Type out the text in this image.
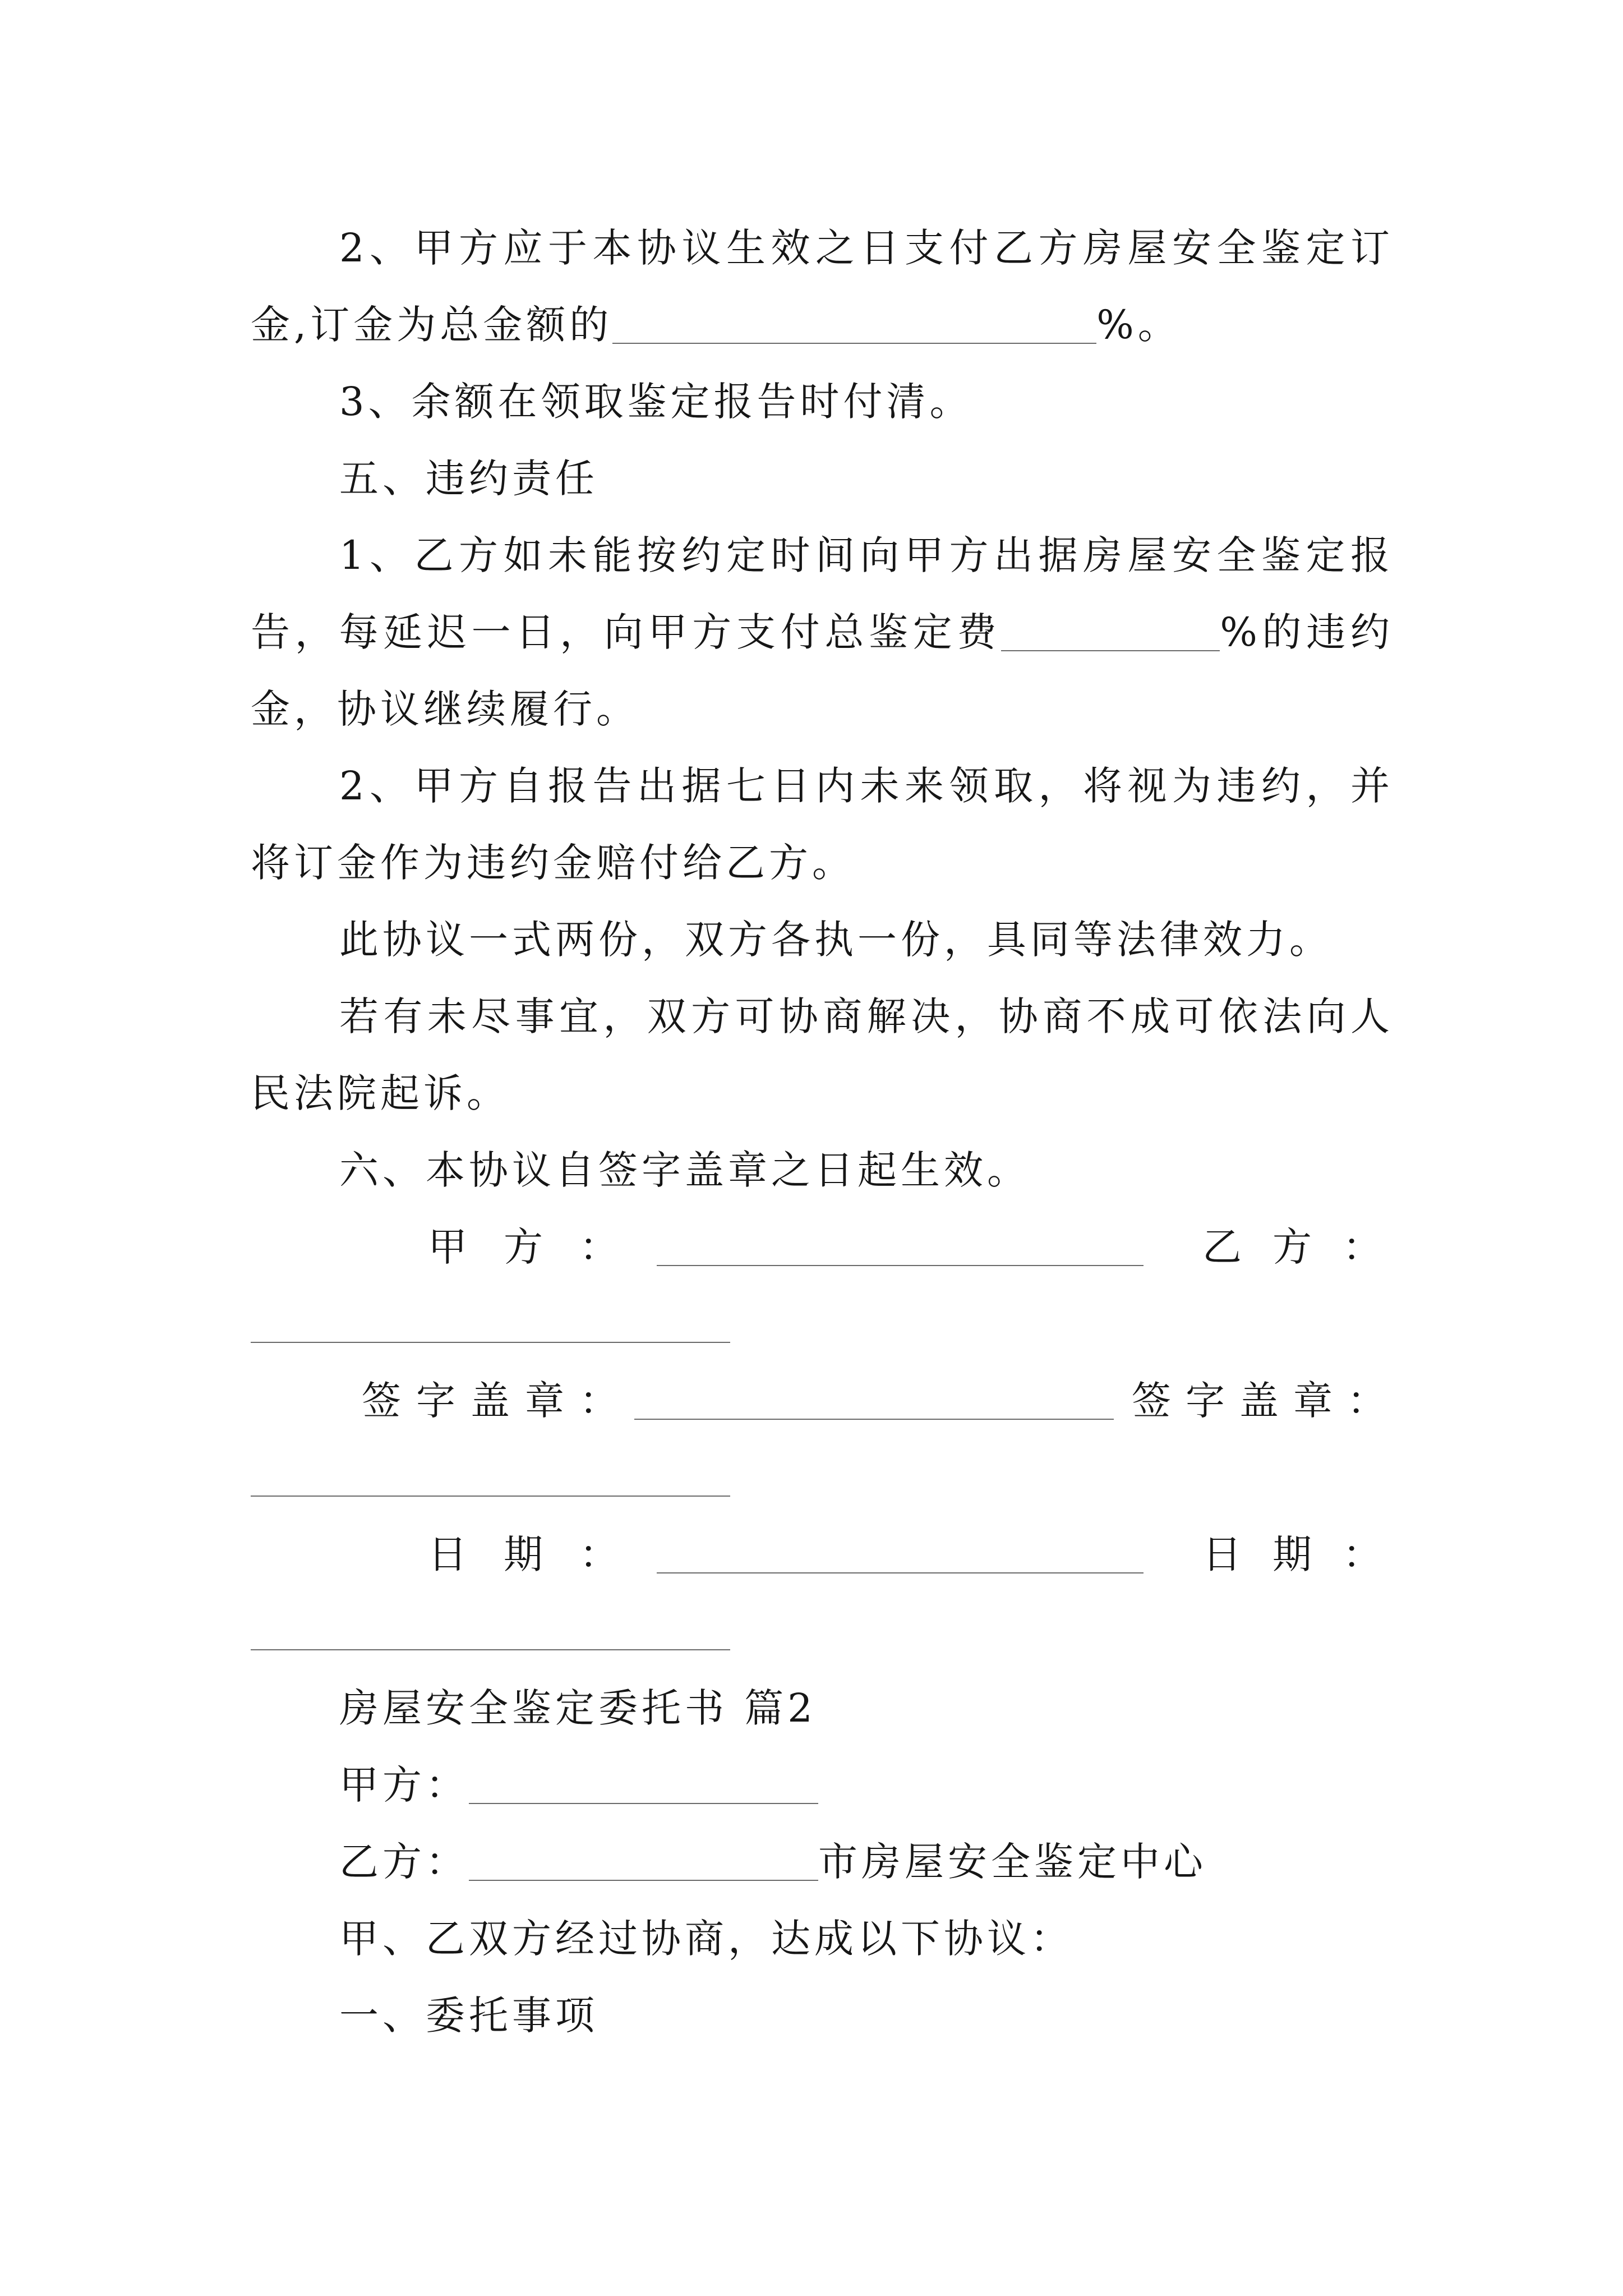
2、甲方应于本协议生效之日支付乙方房屋安全鉴定订
金,订金为总金额的	%。
3、余额在领取鉴定报告时付清。
五、违约责任
1、乙方如未能按约定时间向甲方出据房屋安全鉴定报
告，每延迟一日，向甲方支付总鉴定费	%的违约
金，协议继续履行。
2、甲方自报告出据七日内未来领取，将视为违约，并
将订金作为违约金赔付给乙方。
此协议一式两份，双方各执一份，具同等法律效力。
若有未尽事宜，双方可协商解决，协商不成可依法向人
民法院起诉。
六、本协议自签字盖章之日起生效。
甲方：	乙方：
签字盖章：	签字盖章：
日期：	日期：
房屋安全鉴定委托书 篇2
甲方：
乙方：	市房屋安全鉴定中心
甲、乙双方经过协商，达成以下协议：
一、委托事项
